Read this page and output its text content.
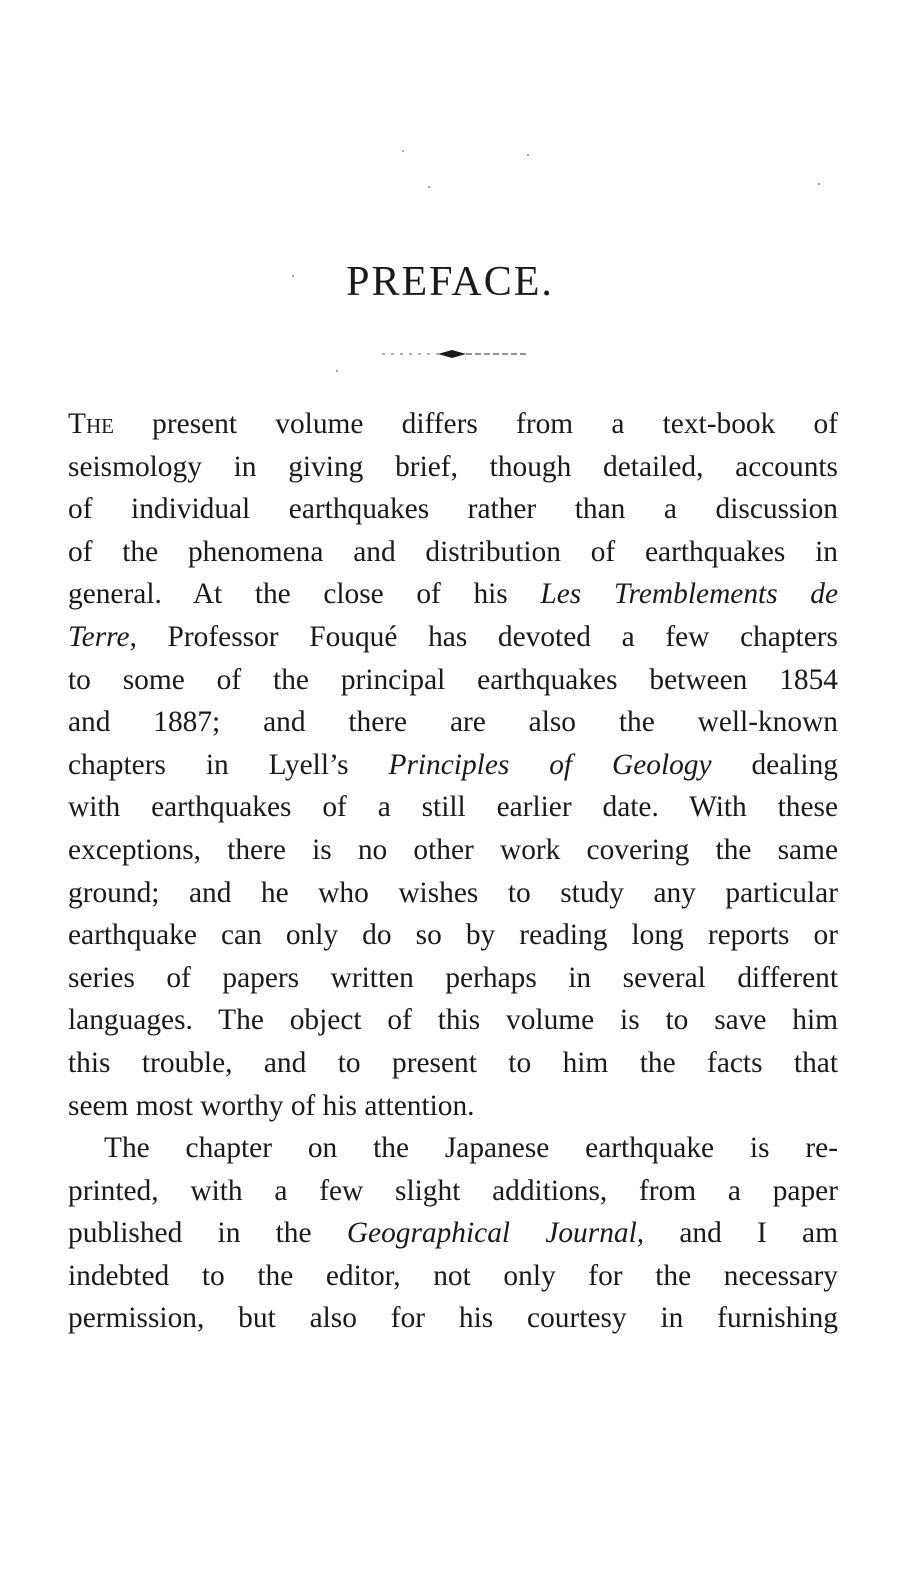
PREFACE.
The present volume differs from a text-book of
seismology in giving brief, though detailed, accounts
of individual earthquakes rather than a discussion
of the phenomena and distribution of earthquakes in
general. At the close of his Les Tremblements de
Terre, Professor Fouqué has devoted a few chapters
to some of the principal earthquakes between 1854
and 1887; and there are also the well-known
chapters in Lyell’s Principles of Geology dealing
with earthquakes of a still earlier date. With these
exceptions, there is no other work covering the same
ground; and he who wishes to study any particular
earthquake can only do so by reading long reports or
series of papers written perhaps in several different
languages. The object of this volume is to save him
this trouble, and to present to him the facts that
seem most worthy of his attention.
The chapter on the Japanese earthquake is re-
printed, with a few slight additions, from a paper
published in the Geographical Journal, and I am
indebted to the editor, not only for the necessary
permission, but also for his courtesy in furnishing
